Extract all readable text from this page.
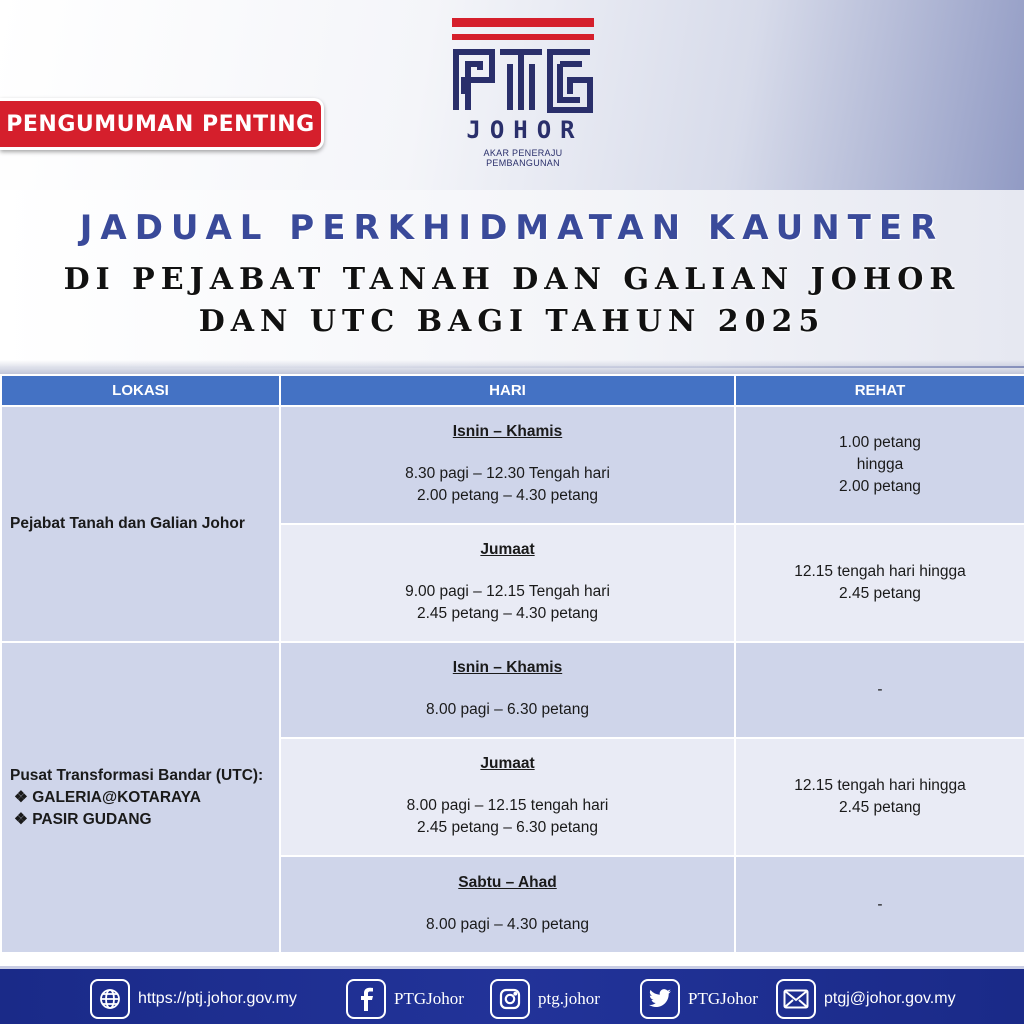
PENGUMUMAN PENTING	JOHOR
AKAR PENERAJU PEMBANGUNAN
JADUAL PERKHIDMATAN KAUNTER
DI PEJABAT TANAH DAN GALIAN JOHOR
DAN UTC BAGI TAHUN 2025
LOKASI	HARI	REHAT
Pejabat Tanah dan Galian Johor	Isnin – Khamis
8.30 pagi – 12.30 Tengah hari
2.00 petang – 4.30 petang	1.00 petang
hingga
2.00 petang

	Jumaat
9.00 pagi – 12.15 Tengah hari
2.45 petang – 4.30 petang	12.15 tengah hari hingga
2.45 petang

Pusat Transformasi Bandar (UTC):
❖ GALERIA@KOTARAYA
❖ PASIR GUDANG	Isnin – Khamis
8.00 pagi – 6.30 petang	-

	Jumaat
8.00 pagi – 12.15 tengah hari
2.45 petang – 6.30 petang	12.15 tengah hari hingga
2.45 petang

	Sabtu – Ahad
8.00 pagi – 4.30 petang	-
https://ptj.johor.gov.my	PTGJohor	ptg.johor	PTGJohor	ptgj@johor.gov.my
